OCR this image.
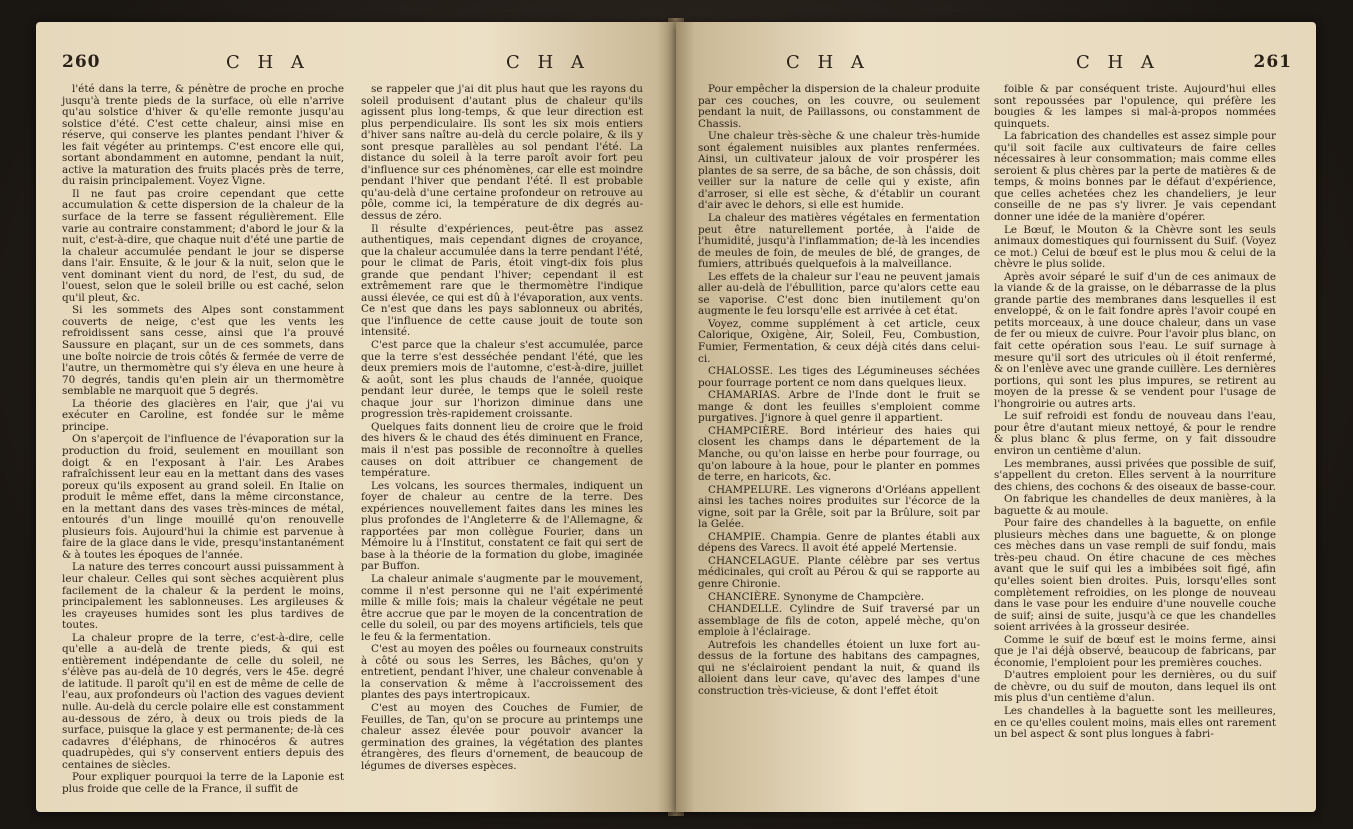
260	C H A	C H A

l'été dans la terre, & pénètre de proche en proche jusqu'à trente pieds de la surface, où elle n'arrive qu'au solstice d'hiver & qu'elle remonte jusqu'au solstice d'été. C'est cette chaleur, ainsi mise en réserve, qui conserve les plantes pendant l'hiver & les fait végéter au printemps. C'est encore elle qui, sortant abondamment en automne, pendant la nuit, active la maturation des fruits placés près de terre, du raisin principalement. Voyez Vigne.

Il ne faut pas croire cependant que cette accumulation & cette dispersion de la chaleur de la surface de la terre se fassent régulièrement. Elle varie au contraire constamment; d'abord le jour & la nuit, c'est-à-dire, que chaque nuit d'été une partie de la chaleur accumulée pendant le jour se disperse dans l'air. Ensuite, & le jour & la nuit, selon que le vent dominant vient du nord, de l'est, du sud, de l'ouest, selon que le soleil brille ou est caché, selon qu'il pleut, &c.

Si les sommets des Alpes sont constamment couverts de neige, c'est que les vents les refroidissent sans cesse, ainsi que l'a prouvé Saussure en plaçant, sur un de ces sommets, dans une boîte noircie de trois côtés & fermée de verre de l'autre, un thermomètre qui s'y éleva en une heure à 70 degrés, tandis qu'en plein air un thermomètre semblable ne marquoit que 5 degrés.

La théorie des glacières en l'air, que j'ai vu exécuter en Caroline, est fondée sur le même principe.

On s'aperçoit de l'influence de l'évaporation sur la production du froid, seulement en mouillant son doigt & en l'exposant à l'air. Les Arabes rafraîchissent leur eau en la mettant dans des vases poreux qu'ils exposent au grand soleil. En Italie on produit le même effet, dans la même circonstance, en la mettant dans des vases très-minces de métal, entourés d'un linge mouillé qu'on renouvelle plusieurs fois. Aujourd'hui la chimie est parvenue à faire de la glace dans le vide, presqu'instantanément & à toutes les époques de l'année.

La nature des terres concourt aussi puissamment à leur chaleur. Celles qui sont sèches acquièrent plus facilement de la chaleur & la perdent le moins, principalement les sablonneuses. Les argileuses & les crayeuses humides sont les plus tardives de toutes.

La chaleur propre de la terre, c'est-à-dire, celle qu'elle a au-delà de trente pieds, & qui est entièrement indépendante de celle du soleil, ne s'élève pas au-delà de 10 degrés, vers le 45e. degré de latitude. Il paroît qu'il en est de même de celle de l'eau, aux profondeurs où l'action des vagues devient nulle. Au-delà du cercle polaire elle est constamment au-dessous de zéro, à deux ou trois pieds de la surface, puisque la glace y est permanente; de-là ces cadavres d'éléphans, de rhinocéros & autres quadrupèdes, qui s'y conservent entiers depuis des centaines de siècles.

Pour expliquer pourquoi la terre de la Laponie est plus froide que celle de la France, il suffit de

se rappeler que j'ai dit plus haut que les rayons du soleil produisent d'autant plus de chaleur qu'ils agissent plus long-temps, & que leur direction est plus perpendiculaire. Ils sont les six mois entiers d'hiver sans naître au-delà du cercle polaire, & ils y sont presque parallèles au sol pendant l'été. La distance du soleil à la terre paroît avoir fort peu d'influence sur ces phénomènes, car elle est moindre pendant l'hiver que pendant l'été. Il est probable qu'au-delà d'une certaine profondeur on retrouve au pôle, comme ici, la température de dix degrés au-dessus de zéro.

Il résulte d'expériences, peut-être pas assez authentiques, mais cependant dignes de croyance, que la chaleur accumulée dans la terre pendant l'été, pour le climat de Paris, étoit vingt-dix fois plus grande que pendant l'hiver; cependant il est extrêmement rare que le thermomètre l'indique aussi élevée, ce qui est dû à l'évaporation, aux vents. Ce n'est que dans les pays sablonneux ou abrités, que l'influence de cette cause jouit de toute son intensité.

C'est parce que la chaleur s'est accumulée, parce que la terre s'est desséchée pendant l'été, que les deux premiers mois de l'automne, c'est-à-dire, juillet & août, sont les plus chauds de l'année, quoique pendant leur durée, le temps que le soleil reste chaque jour sur l'horizon diminue dans une progression très-rapidement croissante.

Quelques faits donnent lieu de croire que le froid des hivers & le chaud des étés diminuent en France, mais il n'est pas possible de reconnoître à quelles causes on doit attribuer ce changement de température.

Les volcans, les sources thermales, indiquent un foyer de chaleur au centre de la terre. Des expériences nouvellement faites dans les mines les plus profondes de l'Angleterre & de l'Allemagne, & rapportées par mon collègue Fourier, dans un Mémoire lu à l'Institut, constatent ce fait qui sert de base à la théorie de la formation du globe, imaginée par Buffon.

La chaleur animale s'augmente par le mouvement, comme il n'est personne qui ne l'ait expérimenté mille & mille fois; mais la chaleur végétale ne peut être accrue que par le moyen de la concentration de celle du soleil, ou par des moyens artificiels, tels que le feu & la fermentation.

C'est au moyen des poêles ou fourneaux construits à côté ou sous les Serres, les Bâches, qu'on y entretient, pendant l'hiver, une chaleur convenable à la conservation & même à l'accroissement des plantes des pays intertropicaux.

C'est au moyen des Couches de Fumier, de Feuilles, de Tan, qu'on se procure au printemps une chaleur assez élevée pour pouvoir avancer la germination des graines, la végétation des plantes étrangères, des fleurs d'ornement, de beaucoup de légumes de diverses espèces.

C H A	C H A	261

Pour empêcher la dispersion de la chaleur produite par ces couches, on les couvre, ou seulement pendant la nuit, de Paillassons, ou constamment de Chassis.

Une chaleur très-sèche & une chaleur très-humide sont également nuisibles aux plantes renfermées. Ainsi, un cultivateur jaloux de voir prospérer les plantes de sa serre, de sa bâche, de son châssis, doit veiller sur la nature de celle qui y existe, afin d'arroser, si elle est sèche, & d'établir un courant d'air avec le dehors, si elle est humide.

La chaleur des matières végétales en fermentation peut être naturellement portée, à l'aide de l'humidité, jusqu'à l'inflammation; de-là les incendies de meules de foin, de meules de blé, de granges, de fumiers, attribués quelquefois à la malveillance.

Les effets de la chaleur sur l'eau ne peuvent jamais aller au-delà de l'ébullition, parce qu'alors cette eau se vaporise. C'est donc bien inutilement qu'on augmente le feu lorsqu'elle est arrivée à cet état.

Voyez, comme supplément à cet article, ceux Calorique, Oxigène, Air, Soleil, Feu, Combustion, Fumier, Fermentation, & ceux déjà cités dans celui-ci.

CHALOSSE. Les tiges des Légumineuses séchées pour fourrage portent ce nom dans quelques lieux.

CHAMARIAS. Arbre de l'Inde dont le fruit se mange & dont les feuilles s'emploient comme purgatives. J'ignore à quel genre il appartient.

CHAMPCIÈRE. Bord intérieur des haies qui closent les champs dans le département de la Manche, ou qu'on laisse en herbe pour fourrage, ou qu'on laboure à la houe, pour le planter en pommes de terre, en haricots, &c.

CHAMPELURE. Les vignerons d'Orléans appellent ainsi les taches noires produites sur l'écorce de la vigne, soit par la Grêle, soit par la Brûlure, soit par la Gelée.

CHAMPIE. Champia. Genre de plantes établi aux dépens des Varecs. Il avoit été appelé Mertensie.

CHANCELAGUE. Plante célèbre par ses vertus médicinales, qui croît au Pérou & qui se rapporte au genre Chironie.

CHANCIÈRE. Synonyme de Champcière.

CHANDELLE. Cylindre de Suif traversé par un assemblage de fils de coton, appelé mèche, qu'on emploie à l'éclairage.

Autrefois les chandelles étoient un luxe fort au-dessus de la fortune des habitans des campagnes, qui ne s'éclairoient pendant la nuit, & quand ils alloient dans leur cave, qu'avec des lampes d'une construction très-vicieuse, & dont l'effet étoit

foible & par conséquent triste. Aujourd'hui elles sont repoussées par l'opulence, qui préfère les bougies & les lampes si mal-à-propos nommées quinquets.

La fabrication des chandelles est assez simple pour qu'il soit facile aux cultivateurs de faire celles nécessaires à leur consommation; mais comme elles seroient & plus chères par la perte de matières & de temps, & moins bonnes par le défaut d'expérience, que celles achetées chez les chandeliers, je leur conseille de ne pas s'y livrer. Je vais cependant donner une idée de la manière d'opérer.

Le Bœuf, le Mouton & la Chèvre sont les seuls animaux domestiques qui fournissent du Suif. (Voyez ce mot.) Celui de bœuf est le plus mou & celui de la chèvre le plus solide.

Après avoir séparé le suif d'un de ces animaux de la viande & de la graisse, on le débarrasse de la plus grande partie des membranes dans lesquelles il est enveloppé, & on le fait fondre après l'avoir coupé en petits morceaux, à une douce chaleur, dans un vase de fer ou mieux de cuivre. Pour l'avoir plus blanc, on fait cette opération sous l'eau. Le suif surnage à mesure qu'il sort des utricules où il étoit renfermé, & on l'enlève avec une grande cuillère. Les dernières portions, qui sont les plus impures, se retirent au moyen de la presse & se vendent pour l'usage de l'hongroirie ou autres arts.

Le suif refroidi est fondu de nouveau dans l'eau, pour être d'autant mieux nettoyé, & pour le rendre & plus blanc & plus ferme, on y fait dissoudre environ un centième d'alun.

Les membranes, aussi privées que possible de suif, s'appellent du creton. Elles servent à la nourriture des chiens, des cochons & des oiseaux de basse-cour.

On fabrique les chandelles de deux manières, à la baguette & au moule.

Pour faire des chandelles à la baguette, on enfile plusieurs mèches dans une baguette, & on plonge ces mèches dans un vase rempli de suif fondu, mais très-peu chaud. On étire chacune de ces mèches avant que le suif qui les a imbibées soit figé, afin qu'elles soient bien droites. Puis, lorsqu'elles sont complètement refroidies, on les plonge de nouveau dans le vase pour les enduire d'une nouvelle couche de suif; ainsi de suite, jusqu'à ce que les chandelles soient arrivées à la grosseur desirée.

Comme le suif de bœuf est le moins ferme, ainsi que je l'ai déjà observé, beaucoup de fabricans, par économie, l'emploient pour les premières couches.

D'autres emploient pour les dernières, ou du suif de chèvre, ou du suif de mouton, dans lequel ils ont mis plus d'un centième d'alun.

Les chandelles à la baguette sont les meilleures, en ce qu'elles coulent moins, mais elles ont rarement un bel aspect & sont plus longues à fabri-
